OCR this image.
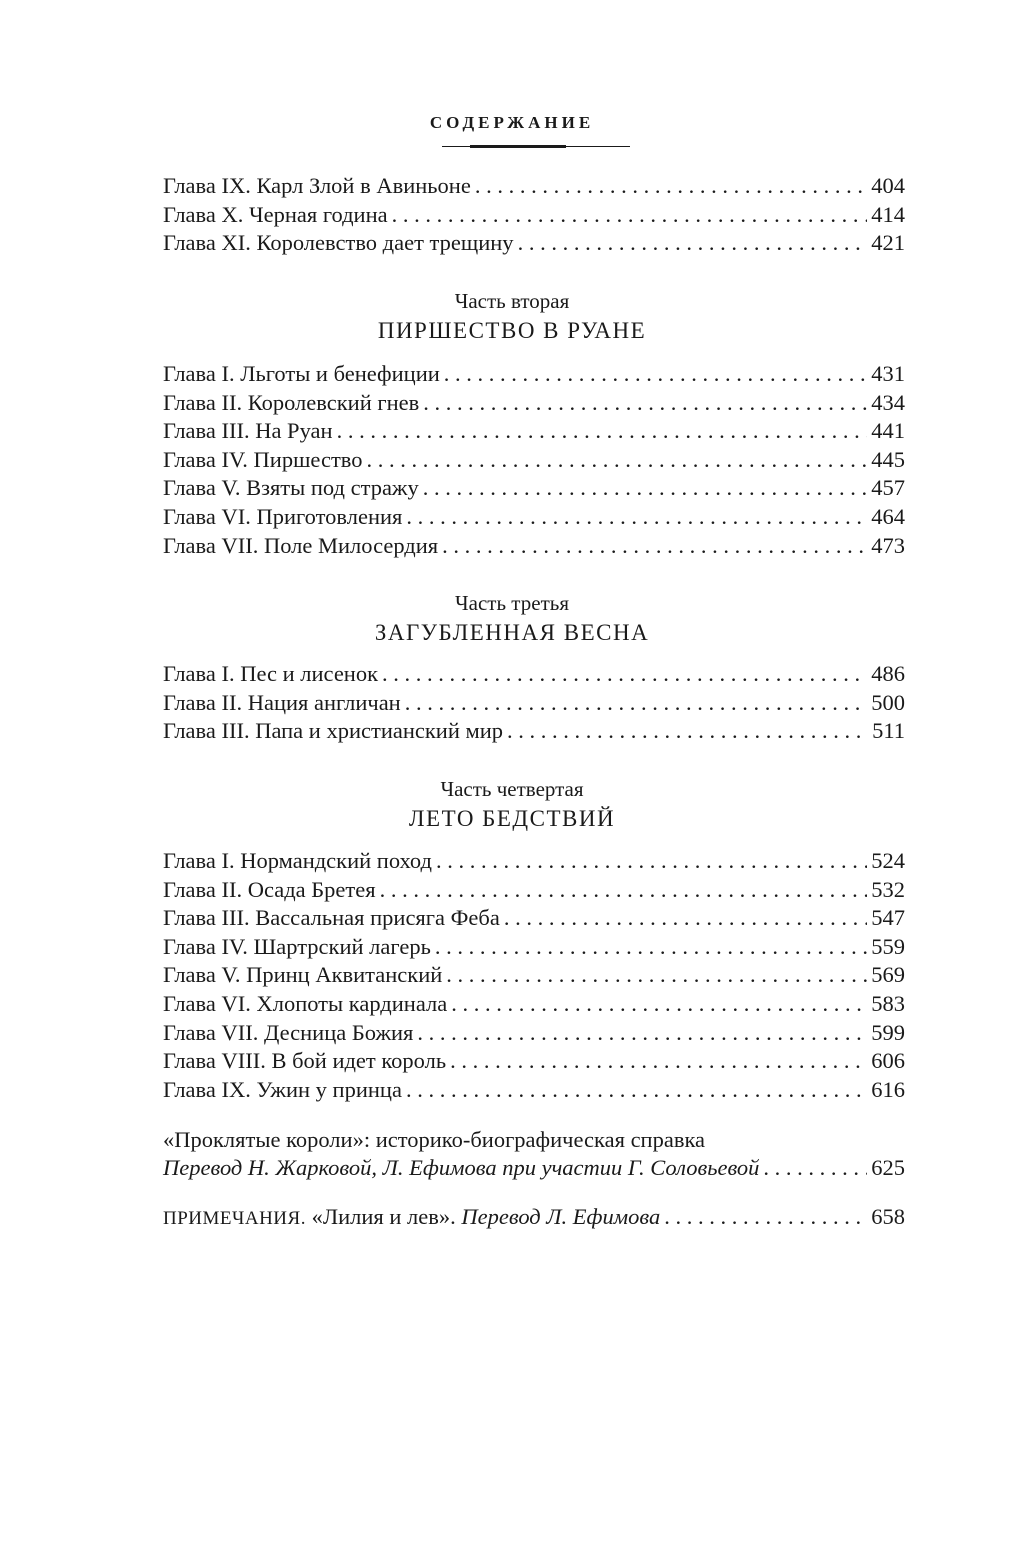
СОДЕРЖАНИЕ
Глава IX. Карл Злой в Авиньоне . . .	404
Глава X. Черная година . . .	414
Глава XI. Королевство дает трещину . . .	421
Часть вторая
ПИРШЕСТВО В РУАНЕ
Глава I. Льготы и бенефиции . . .	431
Глава II. Королевский гнев . . .	434
Глава III. На Руан . . .	441
Глава IV. Пиршество . . .	445
Глава V. Взяты под стражу . . .	457
Глава VI. Приготовления . . .	464
Глава VII. Поле Милосердия . . .	473
Часть третья
ЗАГУБЛЕННАЯ ВЕСНА
Глава I. Пес и лисенок . . .	486
Глава II. Нация англичан . . .	500
Глава III. Папа и христианский мир . . .	511
Часть четвертая
ЛЕТО БЕДСТВИЙ
Глава I. Нормандский поход . . .	524
Глава II. Осада Бретея . . .	532
Глава III. Вассальная присяга Феба . . .	547
Глава IV. Шартрский лагерь . . .	559
Глава V. Принц Аквитанский . . .	569
Глава VI. Хлопоты кардинала . . .	583
Глава VII. Десница Божия . . .	599
Глава VIII. В бой идет король . . .	606
Глава IX. Ужин у принца . . .	616
«Проклятые короли»: историко-биографическая справка
Перевод Н. Жарковой, Л. Ефимова при участии Г. Соловьевой . . .	625
ПРИМЕЧАНИЯ. «Лилия и лев». Перевод Л. Ефимова . . .	658
